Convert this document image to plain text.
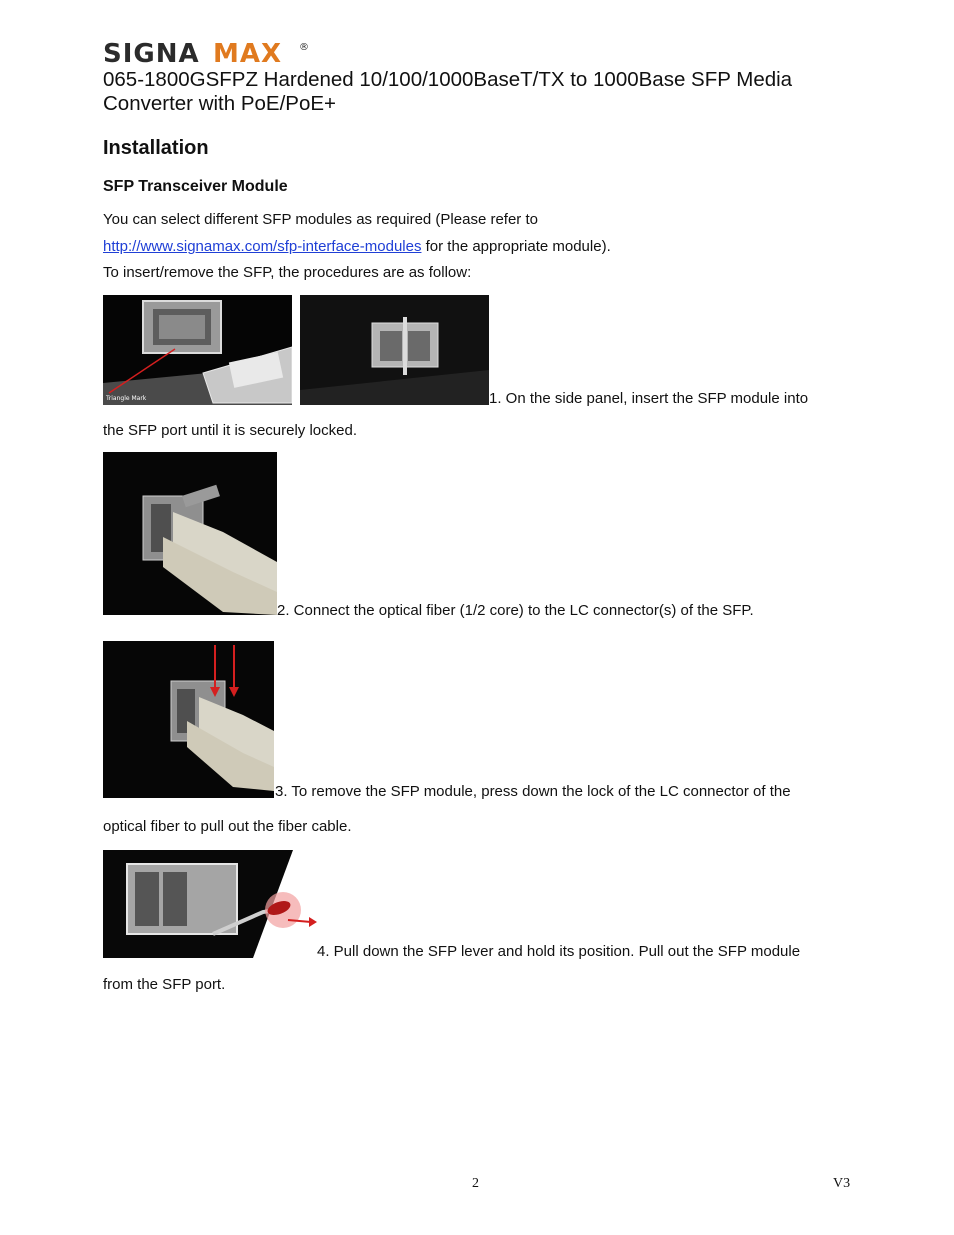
SIGNA MAX ®
065-1800GSFPZ Hardened 10/100/1000BaseT/TX to 1000Base SFP Media Converter with PoE/PoE+
Installation
SFP Transceiver Module
You can select different SFP modules as required (Please refer to
http://www.signamax.com/sfp-interface-modules for the appropriate module).
To insert/remove the SFP, the procedures are as follow:
Triangle Mark	1. On the side panel, insert the SFP module into
the SFP port until it is securely locked.
2. Connect the optical fiber (1/2 core) to the LC connector(s) of the SFP.
3. To remove the SFP module, press down the lock of the LC connector of the
optical fiber to pull out the fiber cable.
4. Pull down the SFP lever and hold its position. Pull out the SFP module
from the SFP port.
2	V3
